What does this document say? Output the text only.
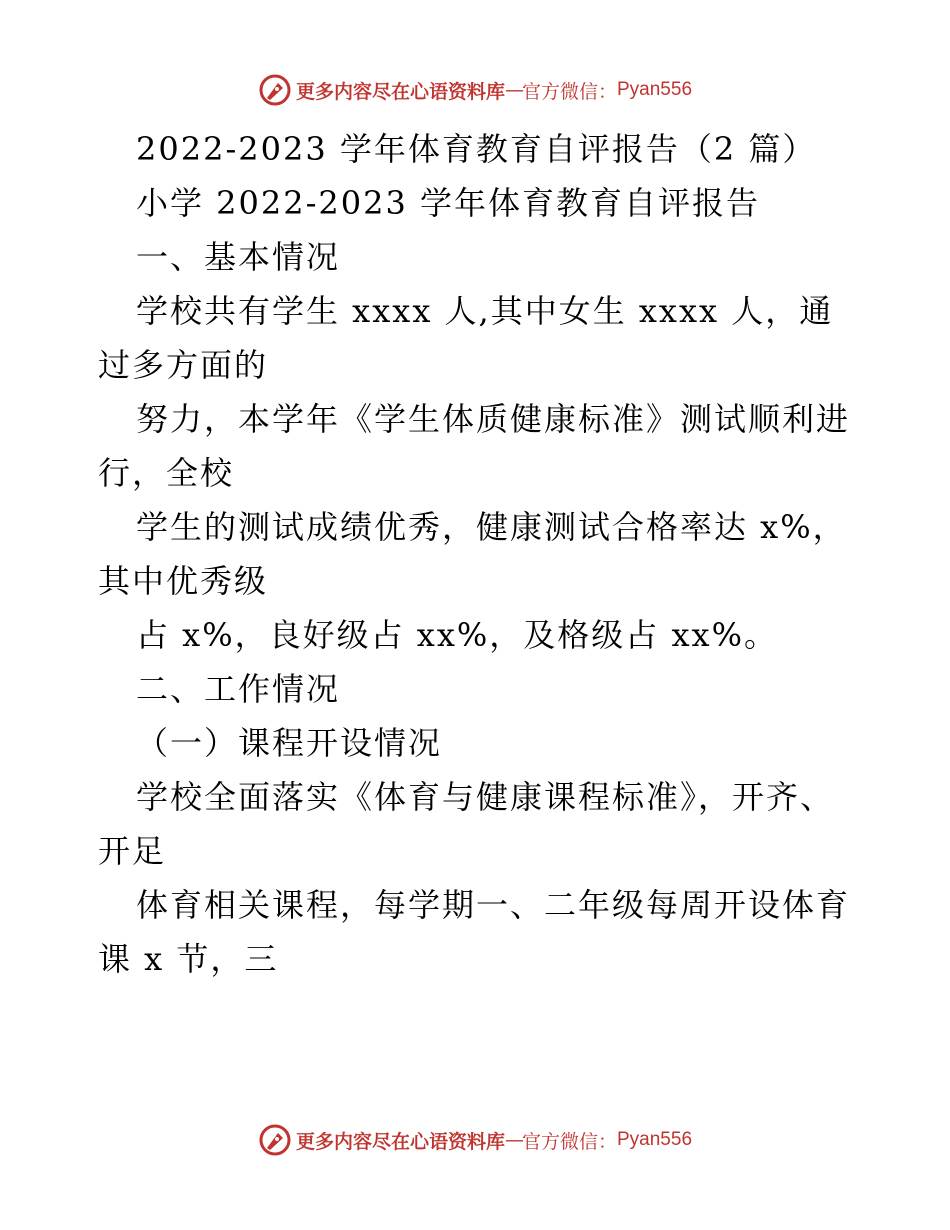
更多内容尽在心语资料库 — 官方微信： Pyan556
2022-2023 学年体育教育自评报告（2 篇）
小学 2022-2023 学年体育教育自评报告
一、基本情况
学校共有学生 xxxx 人,其中女生 xxxx 人，通
过多方面的
努力，本学年《学生体质健康标准》测试顺利进
行，全校
学生的测试成绩优秀，健康测试合格率达 x%，
其中优秀级
占 x%，良好级占 xx%，及格级占 xx%。
二、工作情况
（一）课程开设情况
学校全面落实《体育与健康课程标准》，开齐、
开足
体育相关课程，每学期一、二年级每周开设体育
课 x 节，三
更多内容尽在心语资料库 — 官方微信： Pyan556
